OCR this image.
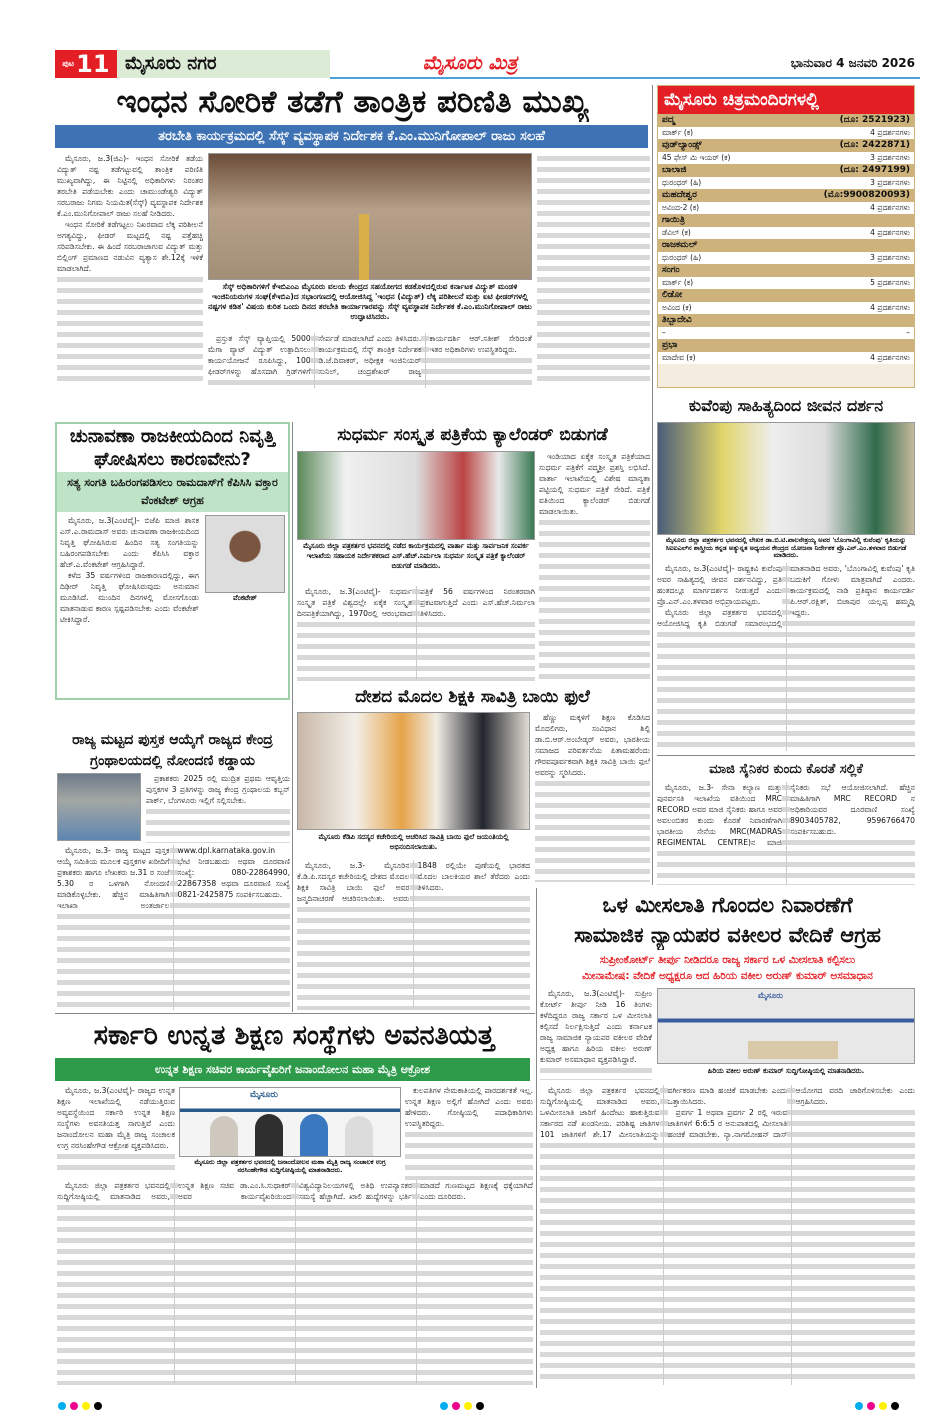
ಪುಟ 11 ಮೈಸೂರು ನಗರ	ಮೈಸೂರು ಮಿತ್ರ	ಭಾನುವಾರ 4 ಜನವರಿ 2026
ಇಂಧನ ಸೋರಿಕೆ ತಡೆಗೆ ತಾಂತ್ರಿಕ ಪರಿಣಿತಿ ಮುಖ್ಯ
ತರಬೇತಿ ಕಾರ್ಯಕ್ರಮದಲ್ಲಿ ಸೆಸ್ಕ್ ವ್ಯವಸ್ಥಾಪಕ ನಿರ್ದೇಶಕ ಕೆ.ಎಂ.ಮುನಿಗೋಪಾಲ್ ರಾಜು ಸಲಹೆ

ಮೈಸೂರು, ಜ.3(ಜಿಎ)- ಇಂಧನ ಸೋರಿಕೆ ತಡೆಯ ವಿದ್ಯುತ್ ನಷ್ಟ ತಡೆಗಟ್ಟುವಲ್ಲಿ ತಾಂತ್ರಿಕ ಪರಿಣಿತಿ ಮುಖ್ಯವಾಗಿದ್ದು, ಈ ನಿಟ್ಟಿನಲ್ಲಿ ಅಧಿಕಾರಿಗಳು ನಿರಂತರ ತರಬೇತಿ ಪಡೆಯಬೇಕು ಎಂದು ಚಾಮುಂಡೇಶ್ವರಿ ವಿದ್ಯುತ್ ಸರಬರಾಜು ನಿಗಮ ನಿಯಮಿತ(ಸೆಸ್ಕ್) ವ್ಯವಸ್ಥಾಪಕ ನಿರ್ದೇಶಕ ಕೆ.ಎಂ.ಮುನಿಗೋಪಾಲ್ ರಾಜು ಸಲಹೆ ನೀಡಿದರು.

ಇಂಧನ ಸೋರಿಕೆ ತಡೆಗಟ್ಟಲು ನಿಖರವಾದ ಲೆಕ್ಕ ಪರಿಶೀಲನೆ ಅಗತ್ಯವಿದ್ದು, ಫೀಡರ್ ಮಟ್ಟದಲ್ಲಿ ನಷ್ಟ ಪತ್ತೆಹಚ್ಚಿ ಸರಿಪಡಿಸಬೇಕು. ಈ ಹಿಂದೆ ಸರಬರಾಜಾಗುವ ವಿದ್ಯುತ್ ಮತ್ತು ಬಿಲ್ಲಿಂಗ್ ಪ್ರಮಾಣದ ನಡುವಿನ ವ್ಯತ್ಯಾಸ ಶೇ.12ಕ್ಕೆ ಇಳಿಕೆ ಮಾಡಲಾಗಿದೆ.

ಸೆಸ್ಕ್ ಅಧಿಕಾರಿಗಳಿಗೆ ಕೆಇಬಿಎಂಎ ಮೈಸೂರು ವಲಯ ಕೇಂದ್ರದ ಸಹಯೋಗದ ಕಡಕೊಳದಲ್ಲಿರುವ ಕರ್ನಾಟಕ ವಿದ್ಯುತ್ ಮಂಡಳಿ ಇಂಜಿನಿಯರುಗಳ ಸಂಘ(ಕೆಇಬಿಎ)ದ ಸಭಾಂಗಣದಲ್ಲಿ ಆಯೋಜಿಸಿದ್ದ 'ಇಂಧನ (ವಿದ್ಯುತ್) ಲೆಕ್ಕ ಪರಿಶೀಲನೆ ಮತ್ತು ಐಟಿ ಫೀಡರ್‌ಗಳಲ್ಲಿ ನಷ್ಟಗಳ ಕಡಿತ' ವಿಷಯ ಕುರಿತ ಒಂದು ದಿನದ ತರಬೇತಿ ಕಾರ್ಯಾಗಾರವನ್ನು ಸೆಸ್ಕ್ ವ್ಯವಸ್ಥಾಪಕ ನಿರ್ದೇಶಕ ಕೆ.ಎಂ.ಮುನಿಗೋಪಾಲ್ ರಾಜು ಉದ್ಘಾಟಿಸಿದರು.

ಪ್ರಸ್ತುತ ಸೆಸ್ಕ್ ವ್ಯಾಪ್ತಿಯಲ್ಲಿ 5000 ಮೆಗಾ ವ್ಯಾಟ್ ವಿದ್ಯುತ್ ಉತ್ಪಾದಿಸಲು ಕಾರ್ಯಯೋಜನೆ ರೂಪಿಸಿದ್ದು, 100 ಫೀಡರ್‌ಗಳನ್ನು ಹೊಸದಾಗಿ ಗ್ರಿಡ್‌ಗಳಿಗೆ ಸೇರ್ಪಡೆ ಮಾಡಲಾಗಿದೆ ಎಂದು ತಿಳಿಸಿದರು. ಕಾರ್ಯಕ್ರಮದಲ್ಲಿ ಸೆಸ್ಕ್ ತಾಂತ್ರಿಕ ನಿರ್ದೇಶಕ ಡಿ.ಜೆ.ದಿವಾಕರ್, ಅಧೀಕ್ಷಕ ಇಂಜಿನಿಯರ್ ಸುನಿಲ್, ಚಂದ್ರಶೇಖರ್ ರಾಜ್ಯ ಕಾರ್ಯದರ್ಶಿ ಆರ್.ಸತೀಶ್ ಸೇರಿದಂತೆ ಇತರ ಅಧಿಕಾರಿಗಳು ಉಪಸ್ಥಿತರಿದ್ದರು.

ಮೈಸೂರು ಚಿತ್ರಮಂದಿರಗಳಲ್ಲಿ
ಪದ್ಮ	(ದೂ: 2521923)
ಮಾರ್ಕ್ (ಕ)	4 ಪ್ರದರ್ಶನಗಳು
ವುಡ್‌ಲ್ಯಾಂಡ್ಸ್	(ದೂ: 2422871)
45 ಫೇಸ್ ಮಿ ಇಯರ್ (ಕ)	3 ಪ್ರದರ್ಶನಗಳು
ಬಾಲಾಜಿ	(ದೂ: 2497199)
ಧುರಂಧರ್ (ಹಿ)	3 ಪ್ರದರ್ಶನಗಳು
ಮಹದೇಶ್ವರ	(ಮೊ:9900820093)
ಅವಿಂದ-2 (ಕ)	4 ಪ್ರದರ್ಶನಗಳು
ಗಾಯಿತ್ರಿ
ಡೆವಿಲ್ (ಕ)	4 ಪ್ರದರ್ಶನಗಳು
ರಾಜಕಮಲ್
ಧುರಂಧರ್ (ಹಿ)	3 ಪ್ರದರ್ಶನಗಳು
ಸಂಗಂ
ಮಾರ್ಕ್ (ಕ)	5 ಪ್ರದರ್ಶನಗಳು
ಲಿಡೋ
ಅವಿಂದ (ಕ)	4 ಪ್ರದರ್ಶನಗಳು
ತಿಬ್ಬಾದೇವಿ
–	–
ಪ್ರಭಾ
ಮಾದೇವ (ಕ)	4 ಪ್ರದರ್ಶನಗಳು
ಕುವೆಂಪು ಸಾಹಿತ್ಯದಿಂದ ಜೀವನ ದರ್ಶನ
ಮೈಸೂರು ಜಿಲ್ಲಾ ಪತ್ರಕರ್ತರ ಭವನದಲ್ಲಿ ಲೇಖಕ ಡಾ.ಬಿ.ಟಿ.ಪಾಲನೇತ್ರಯ್ಯ ಅವರ 'ಬೊಂಗಾವಿಲ್ಲಿ ಕುವೆಂಪು' ಕೃತಿಯನ್ನು ಸಿಐಐಎಲ್‌ನ ಶಾಸ್ತ್ರೀಯ ಕನ್ನಡ ಅತ್ಯುನ್ನತ ಅಧ್ಯಯನ ಕೇಂದ್ರದ ಯೋಜನಾ ನಿರ್ದೇಶಕ ಪ್ರೊ.ಎನ್.ಎಂ.ತಳವಾರ ಬಿಡುಗಡೆ ಮಾಡಿದರು.

ಮೈಸೂರು, ಜ.3(ಎಂಟಿವೈ)- ರಾಷ್ಟ್ರಕವಿ ಕುವೆಂಪು ಅವರ ಸಾಹಿತ್ಯದಲ್ಲಿ ಜೀವನ ದರ್ಶನವಿದ್ದು, ಪ್ರತಿ ಹಂತದಲ್ಲೂ ಮಾರ್ಗದರ್ಶನ ನೀಡುತ್ತದೆ ಎಂದು ಪ್ರೊ.ಎನ್.ಎಂ.ತಳವಾರ ಅಭಿಪ್ರಾಯಪಟ್ಟರು.

ಮೈಸೂರು ಜಿಲ್ಲಾ ಪತ್ರಕರ್ತರ ಭವನದಲ್ಲಿ ಆಯೋಜಿಸಿದ್ದ ಕೃತಿ ಬಿಡುಗಡೆ ಸಮಾರಂಭದಲ್ಲಿ ಮಾತನಾಡಿದ ಅವರು, 'ಬೊಂಗಾವಿಲ್ಲಿ ಕುವೆಂಪು' ಕೃತಿ ಬದುಕಿಗೆ ಗೋಳು ಮಾತ್ರವಾಗಿದೆ ಎಂದರು. ಕಾರ್ಯಕ್ರಮದಲ್ಲಿ ನಾಡಿ ಪ್ರತಿಷ್ಠಾನ ಕಾರ್ಯದರ್ಶಿ ಪಿ.ಆರ್.ರಕ್ಷಿತ್, ಬಿಜಾಪುರ ಯಲ್ಲಪ್ಪ ಹಮ್ಮದ್ಲಿ ಇದ್ದರು.

ಮಾಜಿ ಸೈನಿಕರ ಕುಂದು ಕೊರತೆ ಸಲ್ಲಿಕೆ

ಮೈಸೂರು, ಜ.3- ಸೇನಾ ಕಲ್ಯಾಣ ಮತ್ತು ಪುನರ್ವಸತಿ ಇಲಾಖೆಯ ವತಿಯಿಂದ MRC RECORD ಅವರ ಮಾಜಿ ಸೈನಿಕರು ಹಾಗೂ ಅವರ ಅವಲಂಬಿತರ ಕುಂದು ಕೊರತೆ ನಿವಾರಣೆಗಾಗಿ ಭಾರತೀಯ ಸೇನೆಯ MRC(MADRAS REGIMENTAL CENTRE)ನ ಮಾಜಿ ಸೈನಿಕರು ಸಭೆ ಆಯೋಜಿಸಲಾಗಿದೆ. ಹೆಚ್ಚಿನ ಮಾಹಿತಿಗಾಗಿ MRC RECORD ನ ಅಧಿಕಾರಿಯವರ ದೂರವಾಣಿ ಸಂಖ್ಯೆ 8903405782, 9596766470 ಸಂಪರ್ಕಿಸಬಹುದು.

ಚುನಾವಣಾ ರಾಜಕೀಯದಿಂದ ನಿವೃತ್ತಿ ಘೋಷಿಸಲು ಕಾರಣವೇನು?
ಸತ್ಯ ಸಂಗತಿ ಬಹಿರಂಗಪಡಿಸಲು ರಾಮದಾಸ್‌ಗೆ ಕೆಪಿಸಿಸಿ ವಕ್ತಾರ ವೆಂಕಟೇಶ್ ಆಗ್ರಹ
ವೆಂಕಟೇಶ್

ಮೈಸೂರು, ಜ.3(ಎಂಟಿವೈ)- ಬಿಜೆಪಿ ಮಾಜಿ ಶಾಸಕ ಎಸ್.ಎ.ರಾಮದಾಸ್ ಅವರು ಚುನಾವಣಾ ರಾಜಕೀಯದಿಂದ ನಿವೃತ್ತಿ ಘೋಷಿಸಿರುವ ಹಿಂದಿನ ಸತ್ಯ ಸಂಗತಿಯನ್ನು ಬಹಿರಂಗಪಡಿಸಬೇಕು ಎಂದು ಕೆಪಿಸಿಸಿ ವಕ್ತಾರ ಹೆಚ್.ಎ.ವೆಂಕಟೇಶ್ ಆಗ್ರಹಿಸಿದ್ದಾರೆ.

ಕಳೆದ 35 ವರ್ಷಗಳಿಂದ ರಾಜಕಾರಣದಲ್ಲಿದ್ದು, ಈಗ ದಿಢೀರ್ ನಿವೃತ್ತಿ ಘೋಷಿಸಿರುವುದು ಅನುಮಾನ ಮೂಡಿಸಿದೆ. ಮುಂದಿನ ದಿನಗಳಲ್ಲಿ ಮೋಸಗೊಂಡು ಮಾತನಾಡುವ ಕಾರಣ ಸ್ಪಷ್ಟಪಡಿಸಬೇಕು ಎಂದು ವೆಂಕಟೇಶ್ ಟೀಕಿಸಿದ್ದಾರೆ.

ಸುಧರ್ಮ ಸಂಸ್ಕೃತ ಪತ್ರಿಕೆಯ ಕ್ಯಾಲೆಂಡರ್ ಬಿಡುಗಡೆ
ಮೈಸೂರು ಜಿಲ್ಲಾ ಪತ್ರಕರ್ತರ ಭವನದಲ್ಲಿ ನಡೆದ ಕಾರ್ಯಕ್ರಮದಲ್ಲಿ ವಾರ್ತಾ ಮತ್ತು ಸಾರ್ವಜನಿಕ ಸಂಪರ್ಕ ಇಲಾಖೆಯ ಸಹಾಯಕ ನಿರ್ದೇಶಕರಾದ ಎಸ್.ಹೆಚ್.ನಿರ್ಮಲಾ ಸುಧರ್ಮ ಸಂಸ್ಕೃತ ಪತ್ರಿಕೆ ಕ್ಯಾಲೆಂಡರ್ ಬಿಡುಗಡೆ ಮಾಡಿದರು.

ಇಂಡಿಯಾದ ಏಕೈಕ ಸಂಸ್ಕೃತ ಪತ್ರಿಕೆಯಾದ ಸುಧರ್ಮ ಪತ್ರಿಕೆಗೆ ಪದ್ಮಶ್ರೀ ಪ್ರಶಸ್ತಿ ಲಭಿಸಿದೆ. ವಾರ್ತಾ ಇಲಾಖೆಯಲ್ಲಿ ವಿಶೇಷ ಮಾನ್ಯತಾ ಪಟ್ಟಿಯಲ್ಲಿ ಸುಧರ್ಮ ಪತ್ರಿಕೆ ಸೇರಿದೆ. ಪತ್ರಿಕೆ ವತಿಯಿಂದ ಕ್ಯಾಲೆಂಡರ್ ಬಿಡುಗಡೆ ಮಾಡಲಾಯಿತು.

ಮೈಸೂರು, ಜ.3(ಎಂಟಿವೈ)- ಸುಧರ್ಮ ಸಂಸ್ಕೃತ ಪತ್ರಿಕೆ ವಿಶ್ವದಲ್ಲೇ ಏಕೈಕ ಸಂಸ್ಕೃತ ದಿನಪತ್ರಿಕೆಯಾಗಿದ್ದು, 1970ರಲ್ಲಿ ಆರಂಭವಾದ ಪತ್ರಿಕೆ 56 ವರ್ಷಗಳಿಂದ ನಿರಂತರವಾಗಿ ಪ್ರಕಟವಾಗುತ್ತಿದೆ ಎಂದು ಎಸ್.ಹೆಚ್.ನಿರ್ಮಲಾ ತಿಳಿಸಿದರು.

ದೇಶದ ಮೊದಲ ಶಿಕ್ಷಕಿ ಸಾವಿತ್ರಿ ಬಾಯಿ ಫುಲೆ
ಮೈಸೂರು ಕೆಡಿಪಿ ಸದಸ್ಯರ ಕಚೇರಿಯಲ್ಲಿ ಆಚರಿಸಿದ ಸಾವಿತ್ರಿ ಬಾಯಿ ಫುಲೆ ಜಯಂತಿಯಲ್ಲಿ ಅಭಿನಂದಿಸಲಾಯಿತು.

ಹೆಣ್ಣು ಮಕ್ಕಳಿಗೆ ಶಿಕ್ಷಣ ಕೊಡಿಸಿದ ಮೊದಲಿಗರು, ಸಂವಿಧಾನ ಶಿಲ್ಪಿ ಡಾ.ಬಿ.ಆರ್.ಅಂಬೇಡ್ಕರ್ ಅವರು, ಭಾರತೀಯ ಸಮಾಜದ ಪರಿವರ್ತನೆಯ ಪಿತಾಮಹರೆಂದು ಗೌರವಪೂರ್ವಕವಾಗಿ ಶಿಕ್ಷಕಿ ಸಾವಿತ್ರಿ ಬಾಯಿ ಫುಲೆ ಅವರನ್ನು ಸ್ಮರಿಸಿದರು.

ಮೈಸೂರು, ಜ.3- ಮೈಸೂರಿನ ಕೆ.ಡಿ.ಪಿ.ಸದಸ್ಯರ ಕಚೇರಿಯಲ್ಲಿ ದೇಶದ ಮೊದಲ ಶಿಕ್ಷಕಿ ಸಾವಿತ್ರಿ ಬಾಯಿ ಫುಲೆ ಅವರ ಜನ್ಮದಿನಾಚರಣೆ ಆಚರಿಸಲಾಯಿತು. ಅವರು 1848 ರಲ್ಲಿಯೇ ಪುಣೆಯಲ್ಲಿ ಭಾರತದ ಮೊದಲ ಬಾಲಕಿಯರ ಶಾಲೆ ತೆರೆದರು ಎಂದು ತಿಳಿಸಿದರು.

ರಾಜ್ಯ ಮಟ್ಟದ ಪುಸ್ತಕ ಆಯ್ಕೆಗೆ ರಾಜ್ಯದ ಕೇಂದ್ರ ಗ್ರಂಥಾಲಯದಲ್ಲಿ ನೋಂದಣಿ ಕಡ್ಡಾಯ

ಪ್ರಕಾಶಕರು 2025 ರಲ್ಲಿ ಮುದ್ರಿತ ಪ್ರಥಮ ಆವೃತ್ತಿಯ ಪುಸ್ತಕಗಳ 3 ಪ್ರತಿಗಳನ್ನು ರಾಜ್ಯ ಕೇಂದ್ರ ಗ್ರಂಥಾಲಯ ಕಬ್ಬನ್ ಪಾರ್ಕ್, ಬೆಂಗಳೂರು ಇಲ್ಲಿಗೆ ಸಲ್ಲಿಸಬೇಕು.

ಮೈಸೂರು, ಜ.3- ರಾಜ್ಯ ಮಟ್ಟದ ಪುಸ್ತಕ ಆಯ್ಕೆ ಸಮಿತಿಯ ಮೂಲಕ ಪುಸ್ತಕಗಳ ಖರೀದಿಗೆ ಪ್ರಕಾಶಕರು ಹಾಗೂ ಲೇಖಕರು ಜ.31 ರ ಸಂಜೆ 5.30 ರ ಒಳಗಾಗಿ ನೋಂದಣಿ ಮಾಡಿಕೊಳ್ಳಬೇಕು. ಹೆಚ್ಚಿನ ಮಾಹಿತಿಗಾಗಿ ಇಲಾಖಾ ಅಂತರ್ಜಾಲ www.dpl.karnataka.gov.in ಭೇಟಿ ನೀಡಬಹುದು ಅಥವಾ ದೂರವಾಣಿ ಸಂಖ್ಯೆ: 080-22864990, 22867358 ಅಥವಾ ದೂರವಾಣಿ ಸಂಖ್ಯೆ 0821-2425875 ಸಂಪರ್ಕಿಸಬಹುದು.	ಒಳ ಮೀಸಲಾತಿ ಗೊಂದಲ ನಿವಾರಣೆಗೆ
ಸಾಮಾಜಿಕ ನ್ಯಾಯಪರ ವಕೀಲರ ವೇದಿಕೆ ಆಗ್ರಹ
ಸುಪ್ರೀಂಕೋರ್ಟ್ ತೀರ್ಪು ನೀಡಿದರೂ ರಾಜ್ಯ ಸರ್ಕಾರ ಒಳ ಮೀಸಲಾತಿ ಕಲ್ಪಿಸಲು
ಮೀನಾಮೇಷ: ವೇದಿಕೆ ಅಧ್ಯಕ್ಷರೂ ಆದ ಹಿರಿಯ ವಕೀಲ ಅರುಣ್ ಕುಮಾರ್ ಅಸಮಾಧಾನ

ಮೈಸೂರು, ಜ.3(ಎಂಟಿವೈ)- ಸುಪ್ರೀಂ ಕೋರ್ಟ್ ತೀರ್ಪು ನೀಡಿ 16 ತಿಂಗಳು ಕಳೆದಿದ್ದರೂ ರಾಜ್ಯ ಸರ್ಕಾರ ಒಳ ಮೀಸಲಾತಿ ಕಲ್ಪಿಸದೆ ನಿರ್ಲಕ್ಷಿಸುತ್ತಿದೆ ಎಂದು ಕರ್ನಾಟಕ ರಾಜ್ಯ ಸಾಮಾಜಿಕ ನ್ಯಾಯಪರ ವಕೀಲರ ವೇದಿಕೆ ಅಧ್ಯಕ್ಷ ಹಾಗೂ ಹಿರಿಯ ವಕೀಲ ಅರುಣ್ ಕುಮಾರ್ ಅಸಮಾಧಾನ ವ್ಯಕ್ತಪಡಿಸಿದ್ದಾರೆ.

ಮೈಸೂರು
ಹಿರಿಯ ವಕೀಲ ಅರುಣ್ ಕುಮಾರ್ ಸುದ್ದಿಗೋಷ್ಠಿಯಲ್ಲಿ ಮಾತನಾಡಿದರು.

ಮೈಸೂರು ಜಿಲ್ಲಾ ಪತ್ರಕರ್ತರ ಭವನದಲ್ಲಿ ಸುದ್ದಿಗೋಷ್ಠಿಯಲ್ಲಿ ಮಾತನಾಡಿದ ಅವರು, ಒಳಮೀಸಲಾತಿ ಜಾರಿಗೆ ಹಿಂದೇಟು ಹಾಕುತ್ತಿರುವ ಸರ್ಕಾರದ ನಡೆ ಖಂಡನೀಯ. ಪರಿಶಿಷ್ಟ ಜಾತಿಗಳ 101 ಜಾತಿಗಳಿಗೆ ಶೇ.17 ಮೀಸಲಾತಿಯನ್ನು ವರ್ಗೀಕರಣ ಮಾಡಿ ಹಂಚಿಕೆ ಮಾಡಬೇಕು ಎಂದು ಒತ್ತಾಯಿಸಿದರು.

ಪ್ರವರ್ಗ 1 ಅಥವಾ ಪ್ರವರ್ಗ 2 ರಲ್ಲಿ ಇರುವ ಜಾತಿಗಳಿಗೆ 6:6:5 ರ ಅನುಪಾತದಲ್ಲಿ ಮೀಸಲಾತಿ ಹಂಚಿಕೆ ಮಾಡಬೇಕು. ನ್ಯಾ.ನಾಗಮೋಹನ್ ದಾಸ್ ಆಯೋಗದ ವರದಿ ಜಾರಿಗೊಳಿಸಬೇಕು ಎಂದು ಆಗ್ರಹಿಸಿದರು.

ಸರ್ಕಾರಿ ಉನ್ನತ ಶಿಕ್ಷಣ ಸಂಸ್ಥೆಗಳು ಅವನತಿಯತ್ತ
ಉನ್ನತ ಶಿಕ್ಷಣ ಸಚಿವರ ಕಾರ್ಯವೈಖರಿಗೆ ಜನಾಂದೋಲನ ಮಹಾ ಮೈತ್ರಿ ಆಕ್ರೋಶ

ಮೈಸೂರು, ಜ.3(ಎಂಟಿವೈ)- ರಾಜ್ಯದ ಉನ್ನತ ಶಿಕ್ಷಣ ಇಲಾಖೆಯಲ್ಲಿ ನಡೆಯುತ್ತಿರುವ ಅವ್ಯವಸ್ಥೆಯಿಂದ ಸರ್ಕಾರಿ ಉನ್ನತ ಶಿಕ್ಷಣ ಸಂಸ್ಥೆಗಳು ಅವನತಿಯತ್ತ ಸಾಗುತ್ತಿವೆ ಎಂದು ಜನಾಂದೋಲನ ಮಹಾ ಮೈತ್ರಿ ರಾಜ್ಯ ಸಂಚಾಲಕ ಉಗ್ರ ನರಸಿಂಹೇಗೌಡ ಆಕ್ರೋಶ ವ್ಯಕ್ತಪಡಿಸಿದರು.

ಮೈಸೂರು
ಮೈಸೂರು ಜಿಲ್ಲಾ ಪತ್ರಕರ್ತರ ಭವನದಲ್ಲಿ ಜನಾಂದೋಲನ ಮಹಾ ಮೈತ್ರಿ ರಾಜ್ಯ ಸಂಚಾಲಕ ಉಗ್ರ ನರಸಿಂಹೇಗೌಡ ಸುದ್ದಿಗೋಷ್ಠಿಯಲ್ಲಿ ಮಾತನಾಡಿದರು.

ಕುಲಪತಿಗಳ ನೇಮಕಾತಿಯಲ್ಲಿ ಪಾರದರ್ಶಕತೆ ಇಲ್ಲ. ಉನ್ನತ ಶಿಕ್ಷಣ ಅಲ್ಲಿಗೆ ಹೋಗಿದೆ ಎಂದು ಅವರು ಹೇಳಿದರು. ಗೋಷ್ಠಿಯಲ್ಲಿ ಪದಾಧಿಕಾರಿಗಳು ಉಪಸ್ಥಿತರಿದ್ದರು.

ಮೈಸೂರು ಜಿಲ್ಲಾ ಪತ್ರಕರ್ತರ ಭವನದಲ್ಲಿ ಸುದ್ದಿಗೋಷ್ಠಿಯಲ್ಲಿ ಮಾತನಾಡಿದ ಅವರು, ಉನ್ನತ ಶಿಕ್ಷಣ ಸಚಿವ ಡಾ.ಎಂ.ಸಿ.ಸುಧಾಕರ್ ಅವರ ಕಾರ್ಯವೈಖರಿಯಿಂದ ವಿಶ್ವವಿದ್ಯಾನಿಲಯಗಳಲ್ಲಿ ಅತಿಥಿ ಉಪನ್ಯಾಸಕರ ಸಮಸ್ಯೆ ಹೆಚ್ಚಾಗಿದೆ. ಖಾಲಿ ಹುದ್ದೆಗಳನ್ನು ಭರ್ತಿ ಮಾಡದೆ ಗುಣಮಟ್ಟದ ಶಿಕ್ಷಣಕ್ಕೆ ಧಕ್ಕೆಯಾಗಿದೆ ಎಂದು ದೂರಿದರು.
